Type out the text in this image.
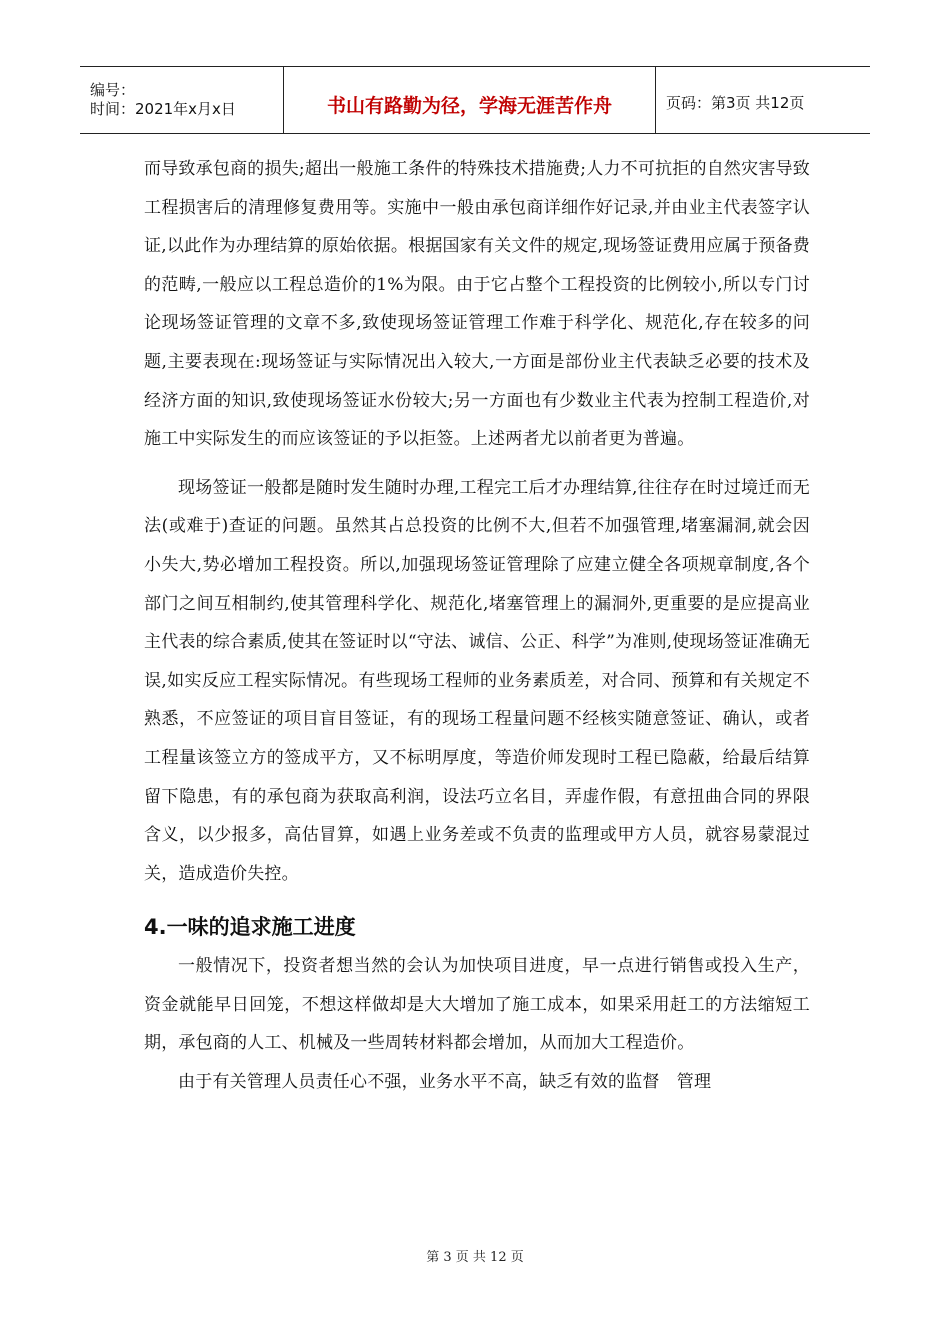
编号：
时间：2021年x月x日	书山有路勤为径，学海无涯苦作舟	页码：第3页 共12页

而导致承包商的损失;超出一般施工条件的特殊技术措施费;人力不可抗拒的自然灾害导致工程损害后的清理修复费用等。实施中一般由承包商详细作好记录,并由业主代表签字认证,以此作为办理结算的原始依据。根据国家有关文件的规定,现场签证费用应属于预备费的范畴,一般应以工程总造价的1%为限。由于它占整个工程投资的比例较小,所以专门讨论现场签证管理的文章不多,致使现场签证管理工作难于科学化、规范化,存在较多的问题,主要表现在:现场签证与实际情况出入较大,一方面是部份业主代表缺乏必要的技术及经济方面的知识,致使现场签证水份较大;另一方面也有少数业主代表为控制工程造价,对施工中实际发生的而应该签证的予以拒签。上述两者尤以前者更为普遍。

现场签证一般都是随时发生随时办理,工程完工后才办理结算,往往存在时过境迁而无法(或难于)查证的问题。虽然其占总投资的比例不大,但若不加强管理,堵塞漏洞,就会因小失大,势必增加工程投资。所以,加强现场签证管理除了应建立健全各项规章制度,各个部门之间互相制约,使其管理科学化、规范化,堵塞管理上的漏洞外,更重要的是应提高业主代表的综合素质,使其在签证时以“守法、诚信、公正、科学”为准则,使现场签证准确无误,如实反应工程实际情况。有些现场工程师的业务素质差，对合同、预算和有关规定不熟悉，不应签证的项目盲目签证，有的现场工程量问题不经核实随意签证、确认，或者工程量该签立方的签成平方，又不标明厚度，等造价师发现时工程已隐蔽，给最后结算留下隐患，有的承包商为获取高利润，设法巧立名目，弄虚作假，有意扭曲合同的界限含义，以少报多，高估冒算，如遇上业务差或不负责的监理或甲方人员，就容易蒙混过关，造成造价失控。

4.一味的追求施工进度

一般情况下，投资者想当然的会认为加快项目进度，早一点进行销售或投入生产，资金就能早日回笼，不想这样做却是大大增加了施工成本，如果采用赶工的方法缩短工期，承包商的人工、机械及一些周转材料都会增加，从而加大工程造价。

由于有关管理人员责任心不强，业务水平不高，缺乏有效的监督　管理

第 3 页 共 12 页
